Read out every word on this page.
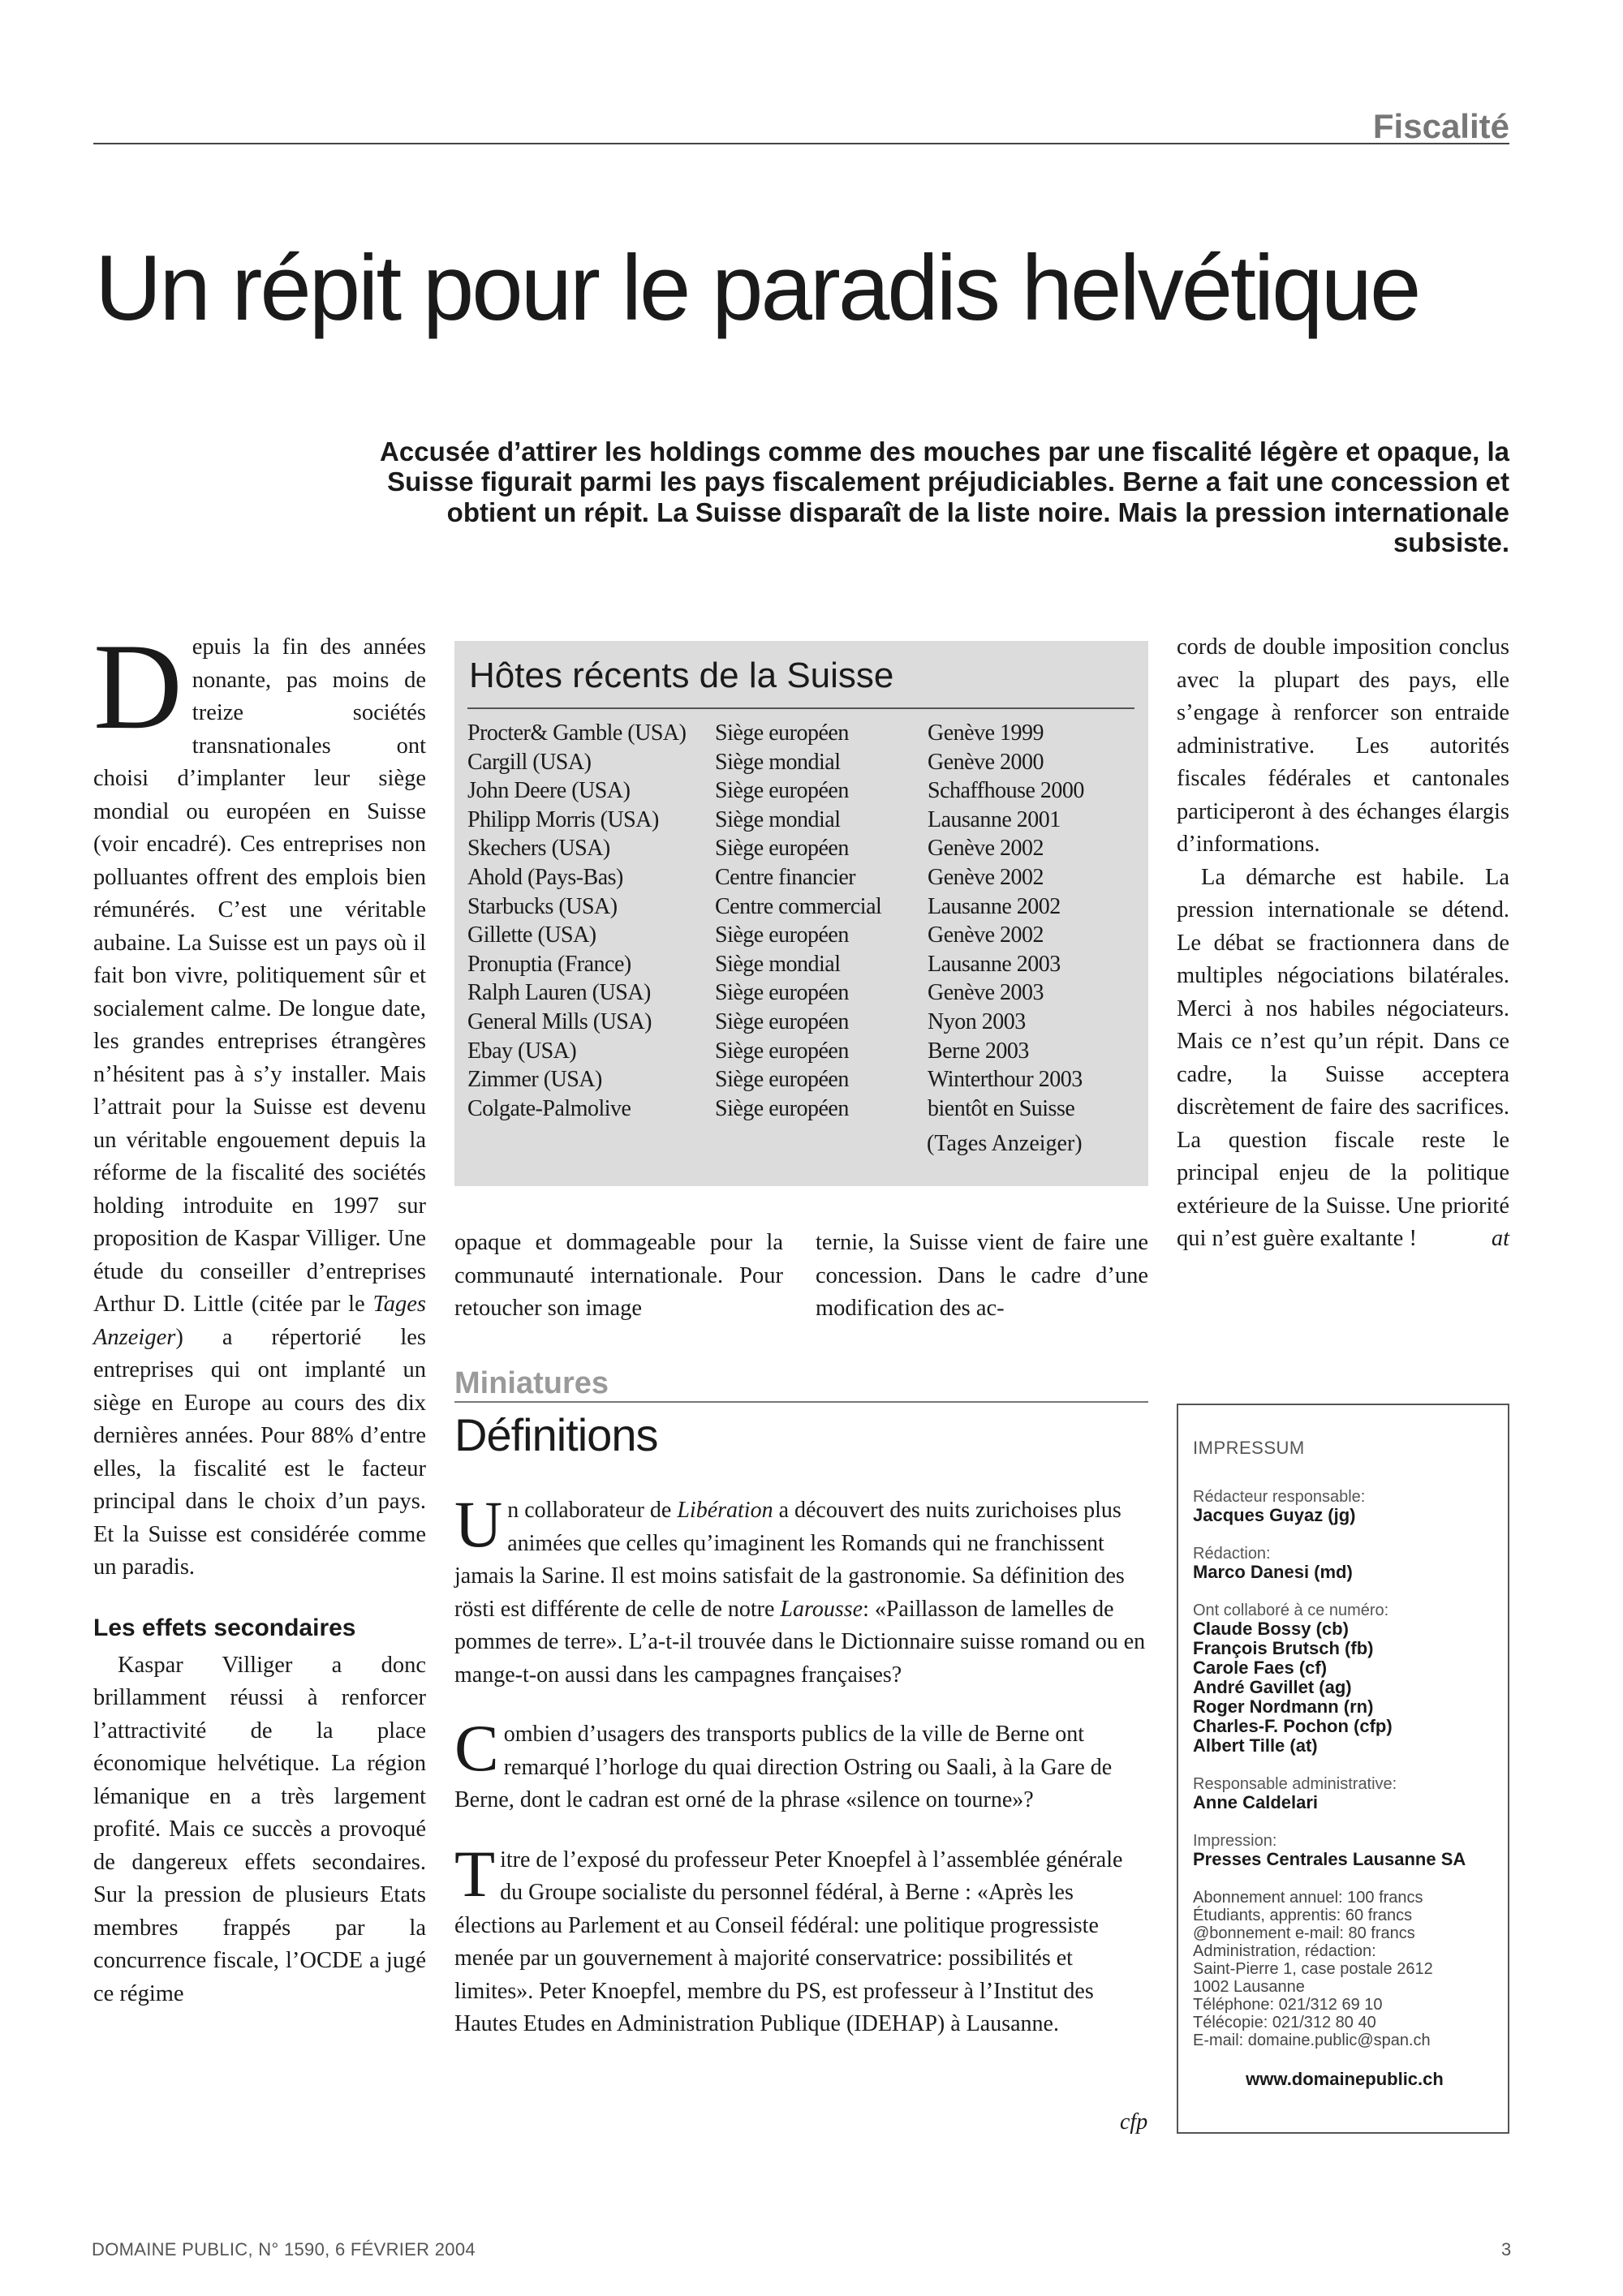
Fiscalité
Un répit pour le paradis helvétique

Accusée d’attirer les holdings comme des mouches par une fiscalité légère et opaque, la Suisse figurait parmi les pays fiscalement préjudiciables. Berne a fait une concession et obtient un répit. La Suisse disparaît de la liste noire. Mais la pression internationale subsiste.

Depuis la fin des années nonante, pas moins de treize sociétés transnationales ont choisi d’implanter leur siège mondial ou européen en Suisse (voir encadré). Ces entreprises non polluantes offrent des emplois bien rémunérés. C’est une véritable aubaine. La Suisse est un pays où il fait bon vivre, politiquement sûr et socialement calme. De longue date, les grandes entreprises étrangères n’hésitent pas à s’y installer. Mais l’attrait pour la Suisse est devenu un véritable engouement depuis la réforme de la fiscalité des sociétés holding introduite en 1997 sur proposition de Kaspar Villiger. Une étude du conseiller d’entreprises Arthur D. Little (citée par le Tages Anzeiger) a répertorié les entreprises qui ont implanté un siège en Europe au cours des dix dernières années. Pour 88% d’entre elles, la fiscalité est le facteur principal dans le choix d’un pays. Et la Suisse est considérée comme un paradis.

Les effets secondaires

Kaspar Villiger a donc brillamment réussi à renforcer l’attractivité de la place économique helvétique. La région lémanique en a très largement profité. Mais ce succès a provoqué de dangereux effets secondaires. Sur la pression de plusieurs Etats membres frappés par la concurrence fiscale, l’OCDE a jugé ce régime

Hôtes récents de la Suisse
Procter& Gamble (USA)	Siège européen	Genève 1999
Cargill (USA)	Siège mondial	Genève 2000
John Deere (USA)	Siège européen	Schaffhouse 2000
Philipp Morris (USA)	Siège mondial	Lausanne 2001
Skechers (USA)	Siège européen	Genève 2002
Ahold (Pays-Bas)	Centre financier	Genève 2002
Starbucks (USA)	Centre commercial	Lausanne 2002
Gillette (USA)	Siège européen	Genève 2002
Pronuptia (France)	Siège mondial	Lausanne 2003
Ralph Lauren (USA)	Siège européen	Genève 2003
General Mills (USA)	Siège européen	Nyon 2003
Ebay (USA)	Siège européen	Berne 2003
Zimmer (USA)	Siège européen	Winterthour 2003
Colgate-Palmolive	Siège européen	bientôt en Suisse
(Tages Anzeiger)

opaque et dommageable pour la communauté internationale. Pour retoucher son image

ternie, la Suisse vient de faire une concession. Dans le cadre d’une modification des ac-

cords de double imposition conclus avec la plupart des pays, elle s’engage à renforcer son entraide administrative. Les autorités fiscales fédérales et cantonales participeront à des échanges élargis d’informations.

La démarche est habile. La pression internationale se détend. Le débat se fractionnera dans de multiples négociations bilatérales. Merci à nos habiles négociateurs. Mais ce n’est qu’un répit. Dans ce cadre, la Suisse acceptera discrètement de faire des sacrifices. La question fiscale reste le principal enjeu de la politique extérieure de la Suisse. Une priorité qui n’est guère exaltante !	at

Miniatures
Définitions

Un collaborateur de Libération a découvert des nuits zurichoises plus animées que celles qu’imaginent les Romands qui ne franchissent jamais la Sarine. Il est moins satisfait de la gastronomie. Sa définition des rösti est différente de celle de notre Larousse: «Paillasson de lamelles de pommes de terre». L’a-t-il trouvée dans le Dictionnaire suisse romand ou en mange-t-on aussi dans les campagnes françaises?

Combien d’usagers des transports publics de la ville de Berne ont remarqué l’horloge du quai direction Ostring ou Saali, à la Gare de Berne, dont le cadran est orné de la phrase «silence on tourne»?

Titre de l’exposé du professeur Peter Knoepfel à l’assemblée générale du Groupe socialiste du personnel fédéral, à Berne : «Après les élections au Parlement et au Conseil fédéral: une politique progressiste menée par un gouvernement à majorité conservatrice: possibilités et limites». Peter Knoepfel, membre du PS, est professeur à l’Institut des Hautes Etudes en Administration Publique (IDEHAP) à Lausanne.

cfp
IMPRESSUM
Rédacteur responsable:
Jacques Guyaz (jg)
Rédaction:
Marco Danesi (md)
Ont collaboré à ce numéro:
Claude Bossy (cb)
François Brutsch (fb)
Carole Faes (cf)
André Gavillet (ag)
Roger Nordmann (rn)
Charles-F. Pochon (cfp)
Albert Tille (at)
Responsable administrative:
Anne Caldelari
Impression:
Presses Centrales Lausanne SA
Abonnement annuel: 100 francs
Étudiants, apprentis: 60 francs
@bonnement e-mail: 80 francs
Administration, rédaction:
Saint-Pierre 1, case postale 2612
1002 Lausanne
Téléphone: 021/312 69 10
Télécopie: 021/312 80 40
E-mail: domaine.public@span.ch
www.domainepublic.ch
DOMAINE PUBLIC, N° 1590, 6 FÉVRIER 2004	3
